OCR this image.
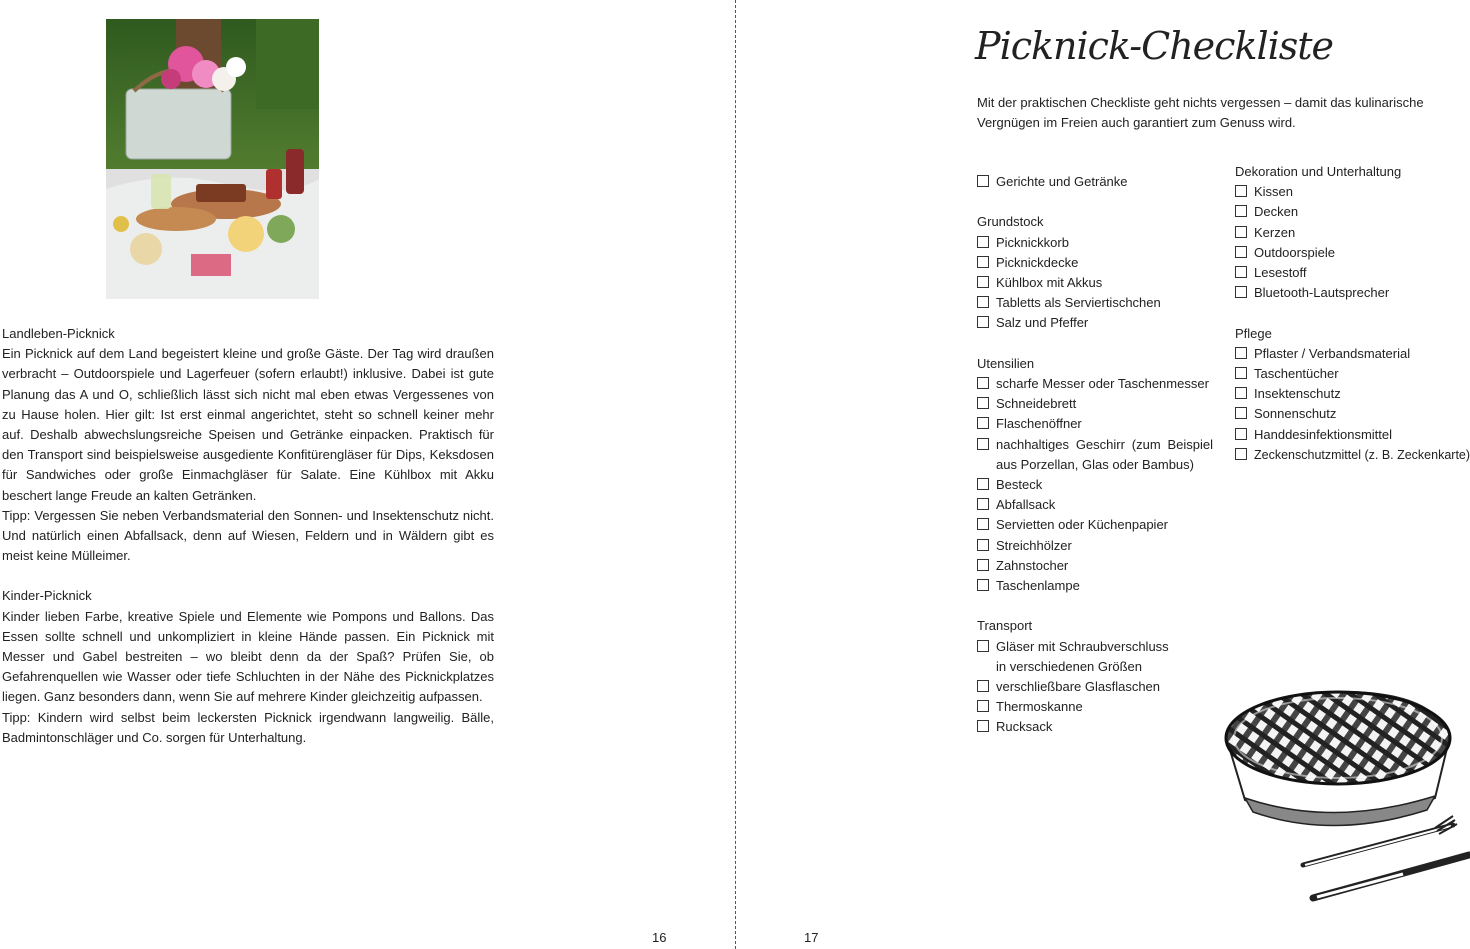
Landleben-Picknick

Ein Picknick auf dem Land begeistert kleine und große Gäste. Der Tag wird draußen verbracht – Outdoorspiele und Lagerfeuer (sofern erlaubt!) inklusive. Dabei ist gute Planung das A und O, schließlich lässt sich nicht mal eben etwas Vergessenes von zu Hause holen. Hier gilt: Ist erst einmal angerichtet, steht so schnell keiner mehr auf. Deshalb abwechslungsreiche Speisen und Getränke einpacken. Praktisch für den Transport sind beispielsweise ausgediente Konfitürengläser für Dips, Keksdosen für Sandwiches oder große Einmachgläser für Salate. Eine Kühlbox mit Akku beschert lange Freude an kalten Getränken.

Tipp: Vergessen Sie neben Verbandsmaterial den Sonnen- und Insektenschutz nicht. Und natürlich einen Abfallsack, denn auf Wiesen, Feldern und in Wäldern gibt es meist keine Mülleimer.

Kinder-Picknick

Kinder lieben Farbe, kreative Spiele und Elemente wie Pompons und Ballons. Das Essen sollte schnell und unkompliziert in kleine Hände passen. Ein Picknick mit Messer und Gabel bestreiten – wo bleibt denn da der Spaß? Prüfen Sie, ob Gefahrenquellen wie Wasser oder tiefe Schluchten in der Nähe des Picknickplatzes liegen. Ganz besonders dann, wenn Sie auf mehrere Kinder gleichzeitig aufpassen.

Tipp: Kindern wird selbst beim leckersten Picknick irgendwann langweilig. Bälle, Badmintonschläger und Co. sorgen für Unterhaltung.

16
Picknick-Checkliste

Mit der praktischen Checkliste geht nichts vergessen – damit das kulinarische Vergnügen im Freien auch garantiert zum Genuss wird.

Gerichte und Getränke
Grundstock
Picknickkorb
Picknickdecke
Kühlbox mit Akkus
Tabletts als Serviertischchen
Salz und Pfeffer
Utensilien
scharfe Messer oder Taschenmesser
Schneidebrett
Flaschenöffner
nachhaltiges Geschirr (zum Beispiel aus Porzellan, Glas oder Bambus)
Besteck
Abfallsack
Servietten oder Küchenpapier
Streichhölzer
Zahnstocher
Taschenlampe
Transport
Gläser mit Schraubverschluss in verschiedenen Größen
verschließbare Glasflaschen
Thermoskanne
Rucksack
Dekoration und Unterhaltung
Kissen
Decken
Kerzen
Outdoorspiele
Lesestoff
Bluetooth-Lautsprecher
Pflege
Pflaster / Verbandsmaterial
Taschentücher
Insektenschutz
Sonnenschutz
Handdesinfektionsmittel
Zeckenschutzmittel (z. B. Zeckenkarte)
17
